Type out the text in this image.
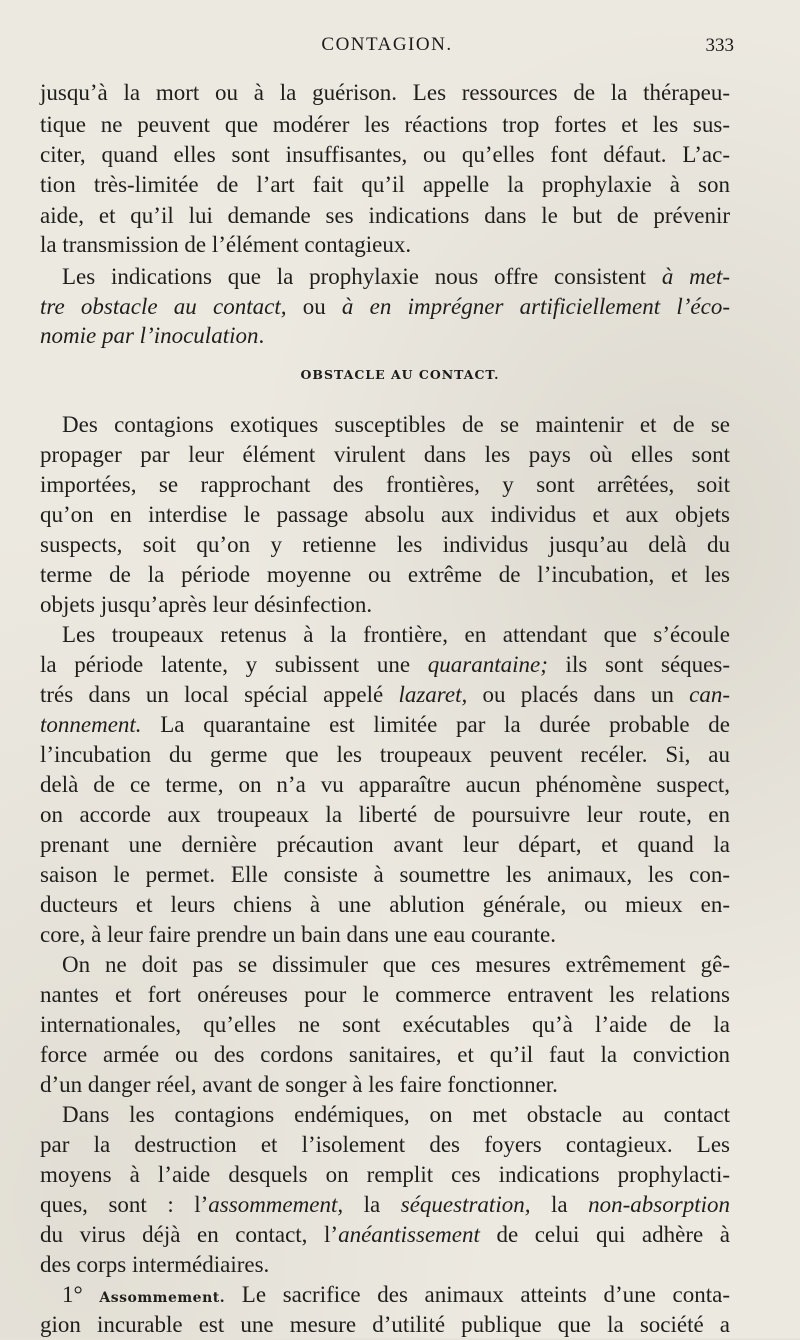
CONTAGION.	333
jusqu’à la mort ou à la guérison. Les ressources de la thérapeu-
tique ne peuvent que modérer les réactions trop fortes et les sus-
citer, quand elles sont insuffisantes, ou qu’elles font défaut. L’ac-
tion très-limitée de l’art fait qu’il appelle la prophylaxie à son
aide, et qu’il lui demande ses indications dans le but de prévenir
la transmission de l’élément contagieux.
Les indications que la prophylaxie nous offre consistent à met-
tre obstacle au contact, ou à en imprégner artificiellement l’éco-
nomie par l’inoculation.
Des contagions exotiques susceptibles de se maintenir et de se
propager par leur élément virulent dans les pays où elles sont
importées, se rapprochant des frontières, y sont arrêtées, soit
qu’on en interdise le passage absolu aux individus et aux objets
suspects, soit qu’on y retienne les individus jusqu’au delà du
terme de la période moyenne ou extrême de l’incubation, et les
objets jusqu’après leur désinfection.
Les troupeaux retenus à la frontière, en attendant que s’écoule
la période latente, y subissent une quarantaine; ils sont séques-
trés dans un local spécial appelé lazaret, ou placés dans un can-
tonnement. La quarantaine est limitée par la durée probable de
l’incubation du germe que les troupeaux peuvent recéler. Si, au
delà de ce terme, on n’a vu apparaître aucun phénomène suspect,
on accorde aux troupeaux la liberté de poursuivre leur route, en
prenant une dernière précaution avant leur départ, et quand la
saison le permet. Elle consiste à soumettre les animaux, les con-
ducteurs et leurs chiens à une ablution générale, ou mieux en-
core, à leur faire prendre un bain dans une eau courante.
On ne doit pas se dissimuler que ces mesures extrêmement gê-
nantes et fort onéreuses pour le commerce entravent les relations
internationales, qu’elles ne sont exécutables qu’à l’aide de la
force armée ou des cordons sanitaires, et qu’il faut la conviction
d’un danger réel, avant de songer à les faire fonctionner.
Dans les contagions endémiques, on met obstacle au contact
par la destruction et l’isolement des foyers contagieux. Les
moyens à l’aide desquels on remplit ces indications prophylacti-
ques, sont : l’assommement, la séquestration, la non-absorption
du virus déjà en contact, l’anéantissement de celui qui adhère à
des corps intermédiaires.
1° Assommement. Le sacrifice des animaux atteints d’une conta-
gion incurable est une mesure d’utilité publique que la société a
OBSTACLE AU CONTACT.
